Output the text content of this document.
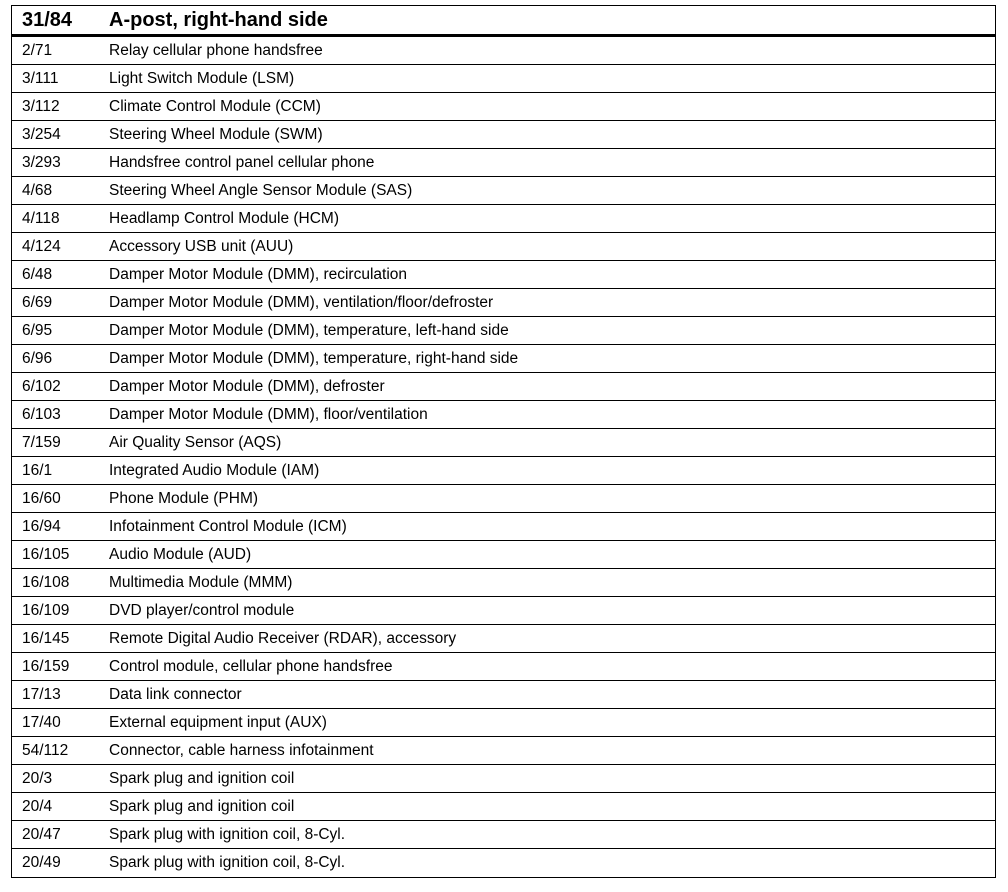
31/84	A-post, right-hand side
2/71	Relay cellular phone handsfree
3/111	Light Switch Module (LSM)
3/112	Climate Control Module (CCM)
3/254	Steering Wheel Module (SWM)
3/293	Handsfree control panel cellular phone
4/68	Steering Wheel Angle Sensor Module (SAS)
4/118	Headlamp Control Module (HCM)
4/124	Accessory USB unit (AUU)
6/48	Damper Motor Module (DMM), recirculation
6/69	Damper Motor Module (DMM), ventilation/floor/defroster
6/95	Damper Motor Module (DMM), temperature, left-hand side
6/96	Damper Motor Module (DMM), temperature, right-hand side
6/102	Damper Motor Module (DMM), defroster
6/103	Damper Motor Module (DMM), floor/ventilation
7/159	Air Quality Sensor (AQS)
16/1	Integrated Audio Module (IAM)
16/60	Phone Module (PHM)
16/94	Infotainment Control Module (ICM)
16/105	Audio Module (AUD)
16/108	Multimedia Module (MMM)
16/109	DVD player/control module
16/145	Remote Digital Audio Receiver (RDAR), accessory
16/159	Control module, cellular phone handsfree
17/13	Data link connector
17/40	External equipment input (AUX)
54/112	Connector, cable harness infotainment
20/3	Spark plug and ignition coil
20/4	Spark plug and ignition coil
20/47	Spark plug with ignition coil, 8-Cyl.
20/49	Spark plug with ignition coil, 8-Cyl.
